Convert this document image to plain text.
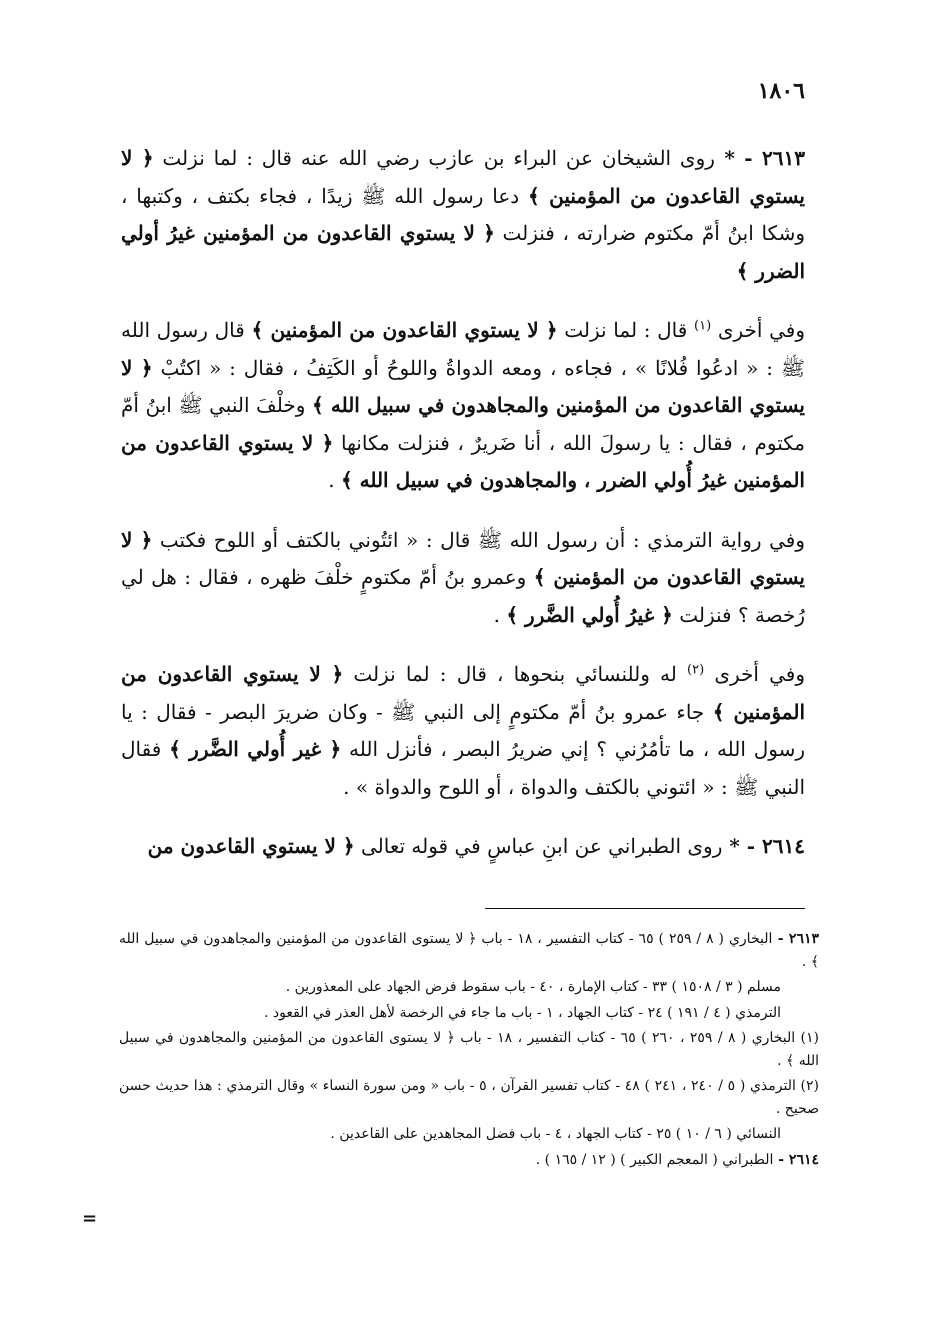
١٨٠٦

٢٦١٣ - * روى الشيخان عن البراء بن عازب رضي الله عنه قال : لما نزلت ﴿ لا يستوي القاعدون من المؤمنين ﴾ دعا رسول الله ﷺ زيدًا ، فجاء بكتف ، وكتبها ، وشكا ابنُ أمّ مكتوم ضرارته ، فنزلت ﴿ لا يستوي القاعدون من المؤمنين غيرُ أولي الضرر ﴾

وفي أخرى $^{(١)}$ قال : لما نزلت ﴿ لا يستوي القاعدون من المؤمنين ﴾ قال رسول الله ﷺ : « ادعُوا فُلانًا » ، فجاءه ، ومعه الدواةُ واللوحُ أو الكَتِفُ ، فقال : « اكتُبْ ﴿ لا يستوي القاعدون من المؤمنين والمجاهدون في سبيل الله ﴾ وخلْفَ النبي ﷺ ابنُ أمّ مكتوم ، فقال : يا رسولَ الله ، أنا ضَريرٌ ، فنزلت مكانها ﴿ لا يستوي القاعدون من المؤمنين غيرُ أُولي الضرر ، والمجاهدون في سبيل الله ﴾ .

وفي رواية الترمذي : أن رسول الله ﷺ قال : « ائتُوني بالكتف أو اللوح فكتب ﴿ لا يستوي القاعدون من المؤمنين ﴾ وعمرو بنُ أمّ مكتومٍ خلْفَ ظهره ، فقال : هل لي رُخصة ؟ فنزلت ﴿ غيرُ أُولي الضَّرر ﴾ .

وفي أخرى $^{(٢)}$ له وللنسائي بنحوها ، قال : لما نزلت ﴿ لا يستوي القاعدون من المؤمنين ﴾ جاء عمرو بنُ أمّ مكتومٍ إلى النبي ﷺ - وكان ضريرَ البصر - فقال : يا رسول الله ، ما تأمُرُني ؟ إني ضريرُ البصر ، فأنزل الله ﴿ غير أُولي الضَّرر ﴾ فقال النبي ﷺ : « ائتوني بالكتف والدواة ، أو اللوح والدواة » .

٢٦١٤ - * روى الطبراني عن ابنِ عباسٍ في قوله تعالى ﴿ لا يستوي القاعدون من

٢٦١٣ - البخاري ( ٨ / ٢٥٩ ) ٦٥ - كتاب التفسير ، ١٨ - باب ﴿ لا يستوى القاعدون من المؤمنين والمجاهدون في سبيل الله ﴾ .
مسلم ( ٣ / ١٥٠٨ ) ٣٣ - كتاب الإمارة ، ٤٠ - باب سقوط فرض الجهاد على المعذورين .
الترمذي ( ٤ / ١٩١ ) ٢٤ - كتاب الجهاد ، ١ - باب ما جاء في الرخصة لأهل العذر في القعود .
(١) البخاري ( ٨ / ٢٥٩ ، ٢٦٠ ) ٦٥ - كتاب التفسير ، ١٨ - باب ﴿ لا يستوى القاعدون من المؤمنين والمجاهدون في سبيل الله ﴾ .
(٢) الترمذي ( ٥ / ٢٤٠ ، ٢٤١ ) ٤٨ - كتاب تفسير القرآن ، ٥ - باب « ومن سورة النساء » وقال الترمذي : هذا حديث حسن صحيح .
النسائي ( ٦ / ١٠ ) ٢٥ - كتاب الجهاد ، ٤ - باب فضل المجاهدين على القاعدين .
٢٦١٤ - الطبراني ( المعجم الكبير ) ( ١٢ / ١٦٥ ) .
=
